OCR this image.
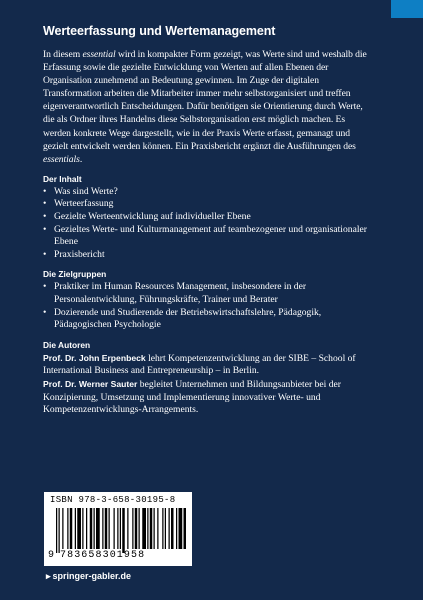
Werteerfassung und Wertemanagement

In diesem essential wird in kompakter Form gezeigt, was Werte sind und weshalb die Erfassung sowie die gezielte Entwicklung von Werten auf allen Ebenen der Organisation zunehmend an Bedeutung gewinnen. Im Zuge der digitalen Transformation arbeiten die Mitarbeiter immer mehr selbstorganisiert und treffen eigenverantwortlich Entscheidungen. Dafür benötigen sie Orientierung durch Werte, die als Ordner ihres Handelns diese Selbstorganisation erst möglich machen. Es werden konkrete Wege dargestellt, wie in der Praxis Werte erfasst, gemanagt und gezielt entwickelt werden können. Ein Praxisbericht ergänzt die Ausführungen des essentials.

Der Inhalt
• Was sind Werte?
• Werteerfassung
• Gezielte Werteentwicklung auf individueller Ebene
• Gezieltes Werte- und Kulturmanagement auf teambezogener und organisationaler Ebene
• Praxisbericht
Die Zielgruppen
• Praktiker im Human Resources Management, insbesondere in der Personalentwicklung, Führungskräfte, Trainer und Berater
• Dozierende und Studierende der Betriebswirtschaftslehre, Pädagogik, Pädagogischen Psychologie
Die Autoren

Prof. Dr. John Erpenbeck lehrt Kompetenzentwicklung an der SIBE – School of International Business and Entrepreneurship – in Berlin.

Prof. Dr. Werner Sauter begleitet Unternehmen und Bildungsanbieter bei der Konzipierung, Umsetzung und Implementierung innovativer Werte- und Kompetenzentwicklungs-Arrangements.

ISBN 978-3-658-30195-8
9 783658301958
▸ springer-gabler.de
